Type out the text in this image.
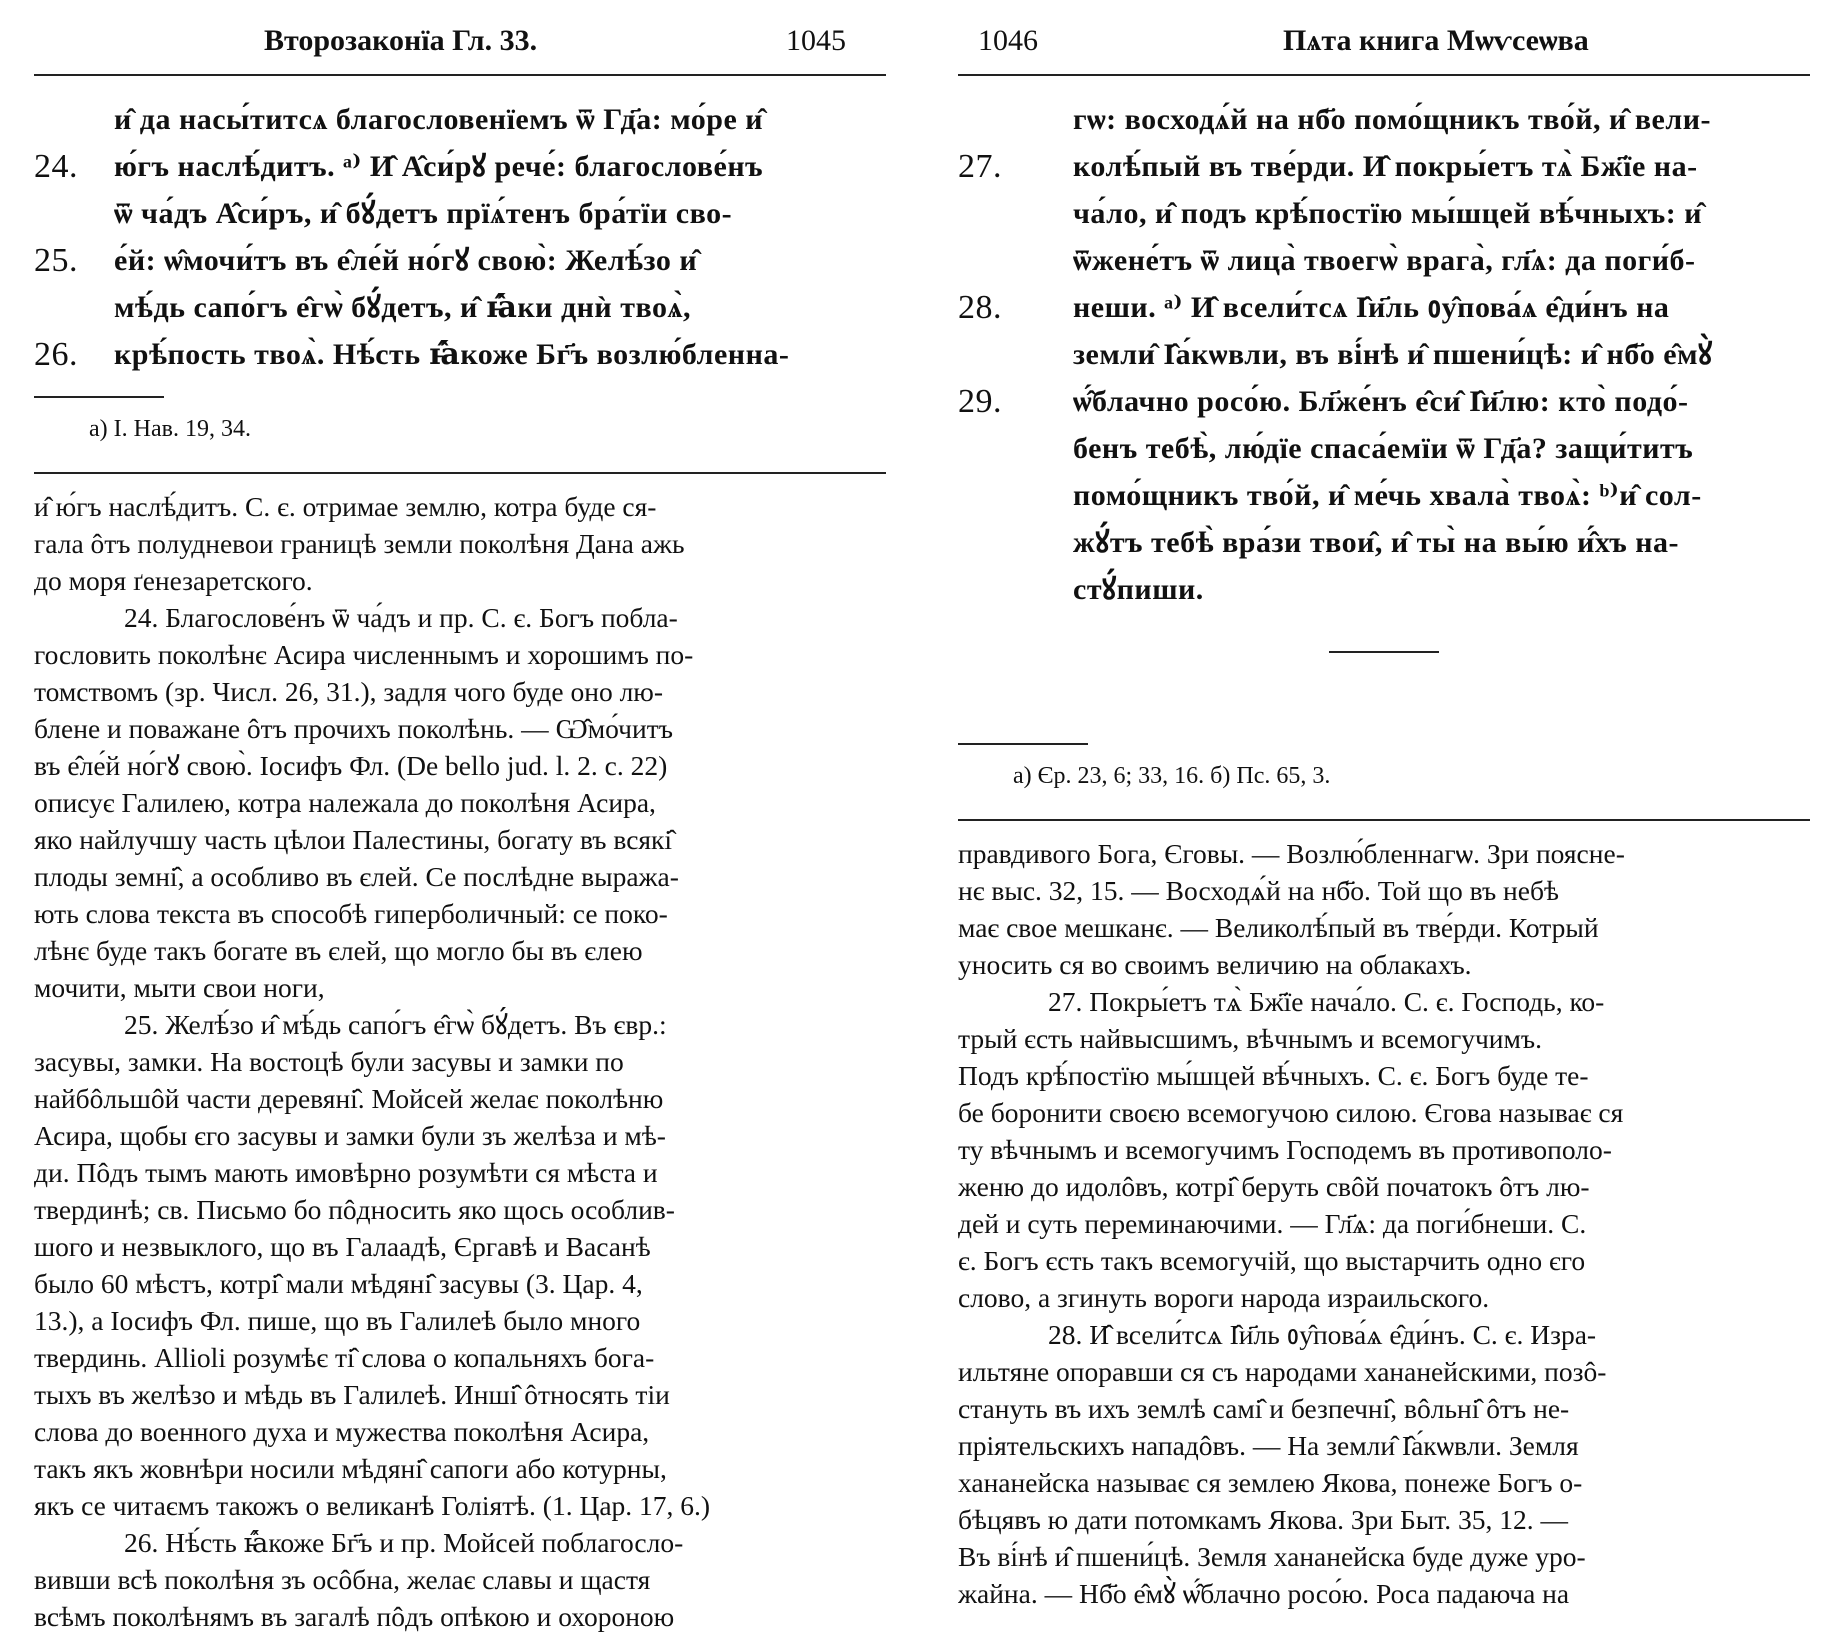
Второзаконїа Гл. 33.	1045
и̂ да насы́титсѧ благословенїемъ ѿ Гд҃а: мо́ре и̂
24.	ю́гъ наслѣ́дитъ. ᵃ⁾ И̂ А̂си́рꙋ рече́: благослове́нъ
ѿ ча́дъ А̂си́ръ, и̂ бꙋ́детъ прїѧ́тенъ бра́тїи сво-
25.	е́й: ѡ̂мочи́тъ въ е̂ле́й но́гꙋ свою̀: Желѣ́зо и̂
мѣ́дь сапо́гъ е̂гѡ̀ бꙋ́детъ, и̂ ꙗ̂́ки днѝ твоѧ̀,
26.	крѣ́пость твоѧ̀. Нѣ́сть ꙗ̂́коже Бг҃ъ возлю́бленна-
а) І. Нав. 19, 34.
и̂ ю́гъ наслѣ́дитъ. С. є. отримае землю, котра буде ся-
гала ôтъ полудневои границѣ земли поколѣня Дана ажь
до моря ґенезаретского.
24. Благослове́нъ ѿ ча́дъ и пр. С. є. Богъ побла-
гословить поколѣнє Асира численнымъ и хорошимъ по-
томствомъ (зр. Числ. 26, 31.), задля чого буде оно лю-
блене и поважане ôтъ прочихъ поколѣнь. — Ѡ̂мо́читъ
въ е̂ле́й но́гꙋ свою̀. Іосифъ Фл. (De bello jud. l. 2. c. 22)
описує Галилею, котра належала до поколѣня Асира,
яко найлучшу часть цѣлои Палестины, богату въ всякі̂
плоды земні̂, а особливо въ єлей. Се послѣдне выража-
ють слова текста въ способѣ гиперболичный: се поко-
лѣнє буде такъ богате въ єлей, що могло бы въ єлею
мочити, мыти свои ноги,
25. Желѣ́зо и̂ мѣ́дь сапо́гъ е̂гѡ̀ бꙋ́детъ. Въ євр.:
засувы, замки. На востоцѣ були засувы и замки по
найбôльшôй части деревяні̂. Мойсей желає поколѣню
Асира, щобы єго засувы и замки були зъ желѣза и мѣ-
ди. Пôдъ тымъ мають имовѣрно розумѣти ся мѣста и
твердинѣ; св. Письмо бо пôдносить яко щось особлив-
шого и незвыклого, що въ Галаадѣ, Єргавѣ и Васанѣ
было 60 мѣстъ, котрі̂ мали мѣдяні̂ засувы (3. Цар. 4,
13.), а Іосифъ Фл. пише, що въ Галилеѣ было много
твердинь. Allioli розумѣє ті̂ слова о копальняхъ бога-
тыхъ въ желѣзо и мѣдь въ Галилеѣ. Инші̂ ôтносять тіи
слова до военного духа и мужества поколѣня Асира,
такъ якъ жовнѣри носили мѣдяні̂ сапоги або котурны,
якъ се читаємъ такожъ о великанѣ Голіятѣ. (1. Цар. 17, 6.)
26. Нѣ́сть ꙗ̂́коже Бг҃ъ и пр. Мойсей поблагосло-
вивши всѣ поколѣня зъ ocôбна, желає славы и щастя
всѣмъ поколѣнямъ въ загалѣ пôдъ опѣкою и охороною
1046	Пѧта книга Мѡѵсеѡва
гѡ: восходѧ́й на нб҃о помо́щникъ тво́й, и̂ вели-
27.	колѣ́пый въ тве́рди. И̂ покры́етъ тѧ̀ Бж҃їе на-
ча́ло, и̂ подъ крѣ́постїю мы́шцей вѣ́чныхъ: и̂
ѿжене́тъ ѿ лица̀ твоегѡ̀ врага̀, гл҃ѧ: да поги́б-
28.	неши. ᵃ⁾ И̂ всели́тсѧ І̂и҃ль ᲂу̂пова́ѧ е̂ди́нъ на
земли̂ І̂а́кѡвли, въ ві́нѣ и̂ пшени́цѣ: и̂ нб҃о е̂мꙋ̀
29.	ѡ̂́блачно росо́ю. Бл҃же́нъ е̂си̂ І̂и҃лю: кто̀ подо́-
бенъ тебѣ̀, лю́дїе спаса́емїи ѿ Гд҃а? защи́титъ
помо́щникъ тво́й, и̂ ме́чь хвала̀ твоѧ̀: ᵇ⁾и̂ сол-
жꙋ́тъ тебѣ̀ вра́зи твои̂, и̂ ты̀ на вы́ю и̂́хъ на-
стꙋ́пиши.
а) Єр. 23, 6; 33, 16. б) Пс. 65, 3.
правдивого Бога, Єговы. — Возлю́бленнагѡ. Зри поясне-
нє выс. 32, 15. — Восходѧ́й на нб҃о. Той що въ небѣ
має свое мешканє. — Великолѣ́пый въ тве́рди. Котрый
уносить ся во своимъ величию на облакахъ.
27. Покры́етъ тѧ̀ Бж҃їе нача́ло. С. є. Господь, ко-
трый єсть найвысшимъ, вѣчнымъ и всемогучимъ.
Подъ крѣ́постїю мы́шцей вѣ́чныхъ. С. є. Богъ буде те-
бе боронити своєю всемогучою силою. Єгова называє ся
ту вѣчнымъ и всемогучимъ Господемъ въ противополо-
женю до идолôвъ, котрі̂ беруть свôй початокъ ôтъ лю-
дей и суть переминаючими. — Гл҃ѧ: да поги́бнеши. С.
є. Богъ єсть такъ всемогучій, що выстарчить одно єго
слово, а згинуть вороги народа израильского.
28. И̂ всели́тсѧ І̂и҃ль ᲂу̂пова́ѧ е̂ди́нъ. С. є. Изра-
ильтяне опоравши ся съ народами хананейскими, позô-
стануть въ ихъ землѣ самі̂ и безпечні̂, вôльні̂ ôтъ не-
пріятельскихъ нападôвъ. — На земли̂ І̂а́кѡвли. Земля
хананейска называє ся землею Якова, понеже Богъ о-
бѣцявъ ю дати потомкамъ Якова. Зри Быт. 35, 12. —
Въ ві́нѣ и̂ пшени́цѣ. Земля хананейска буде дуже уро-
жайна. — Нб҃о е̂мꙋ̀ ѡ̂́блачно росо́ю. Роса падаюча на
